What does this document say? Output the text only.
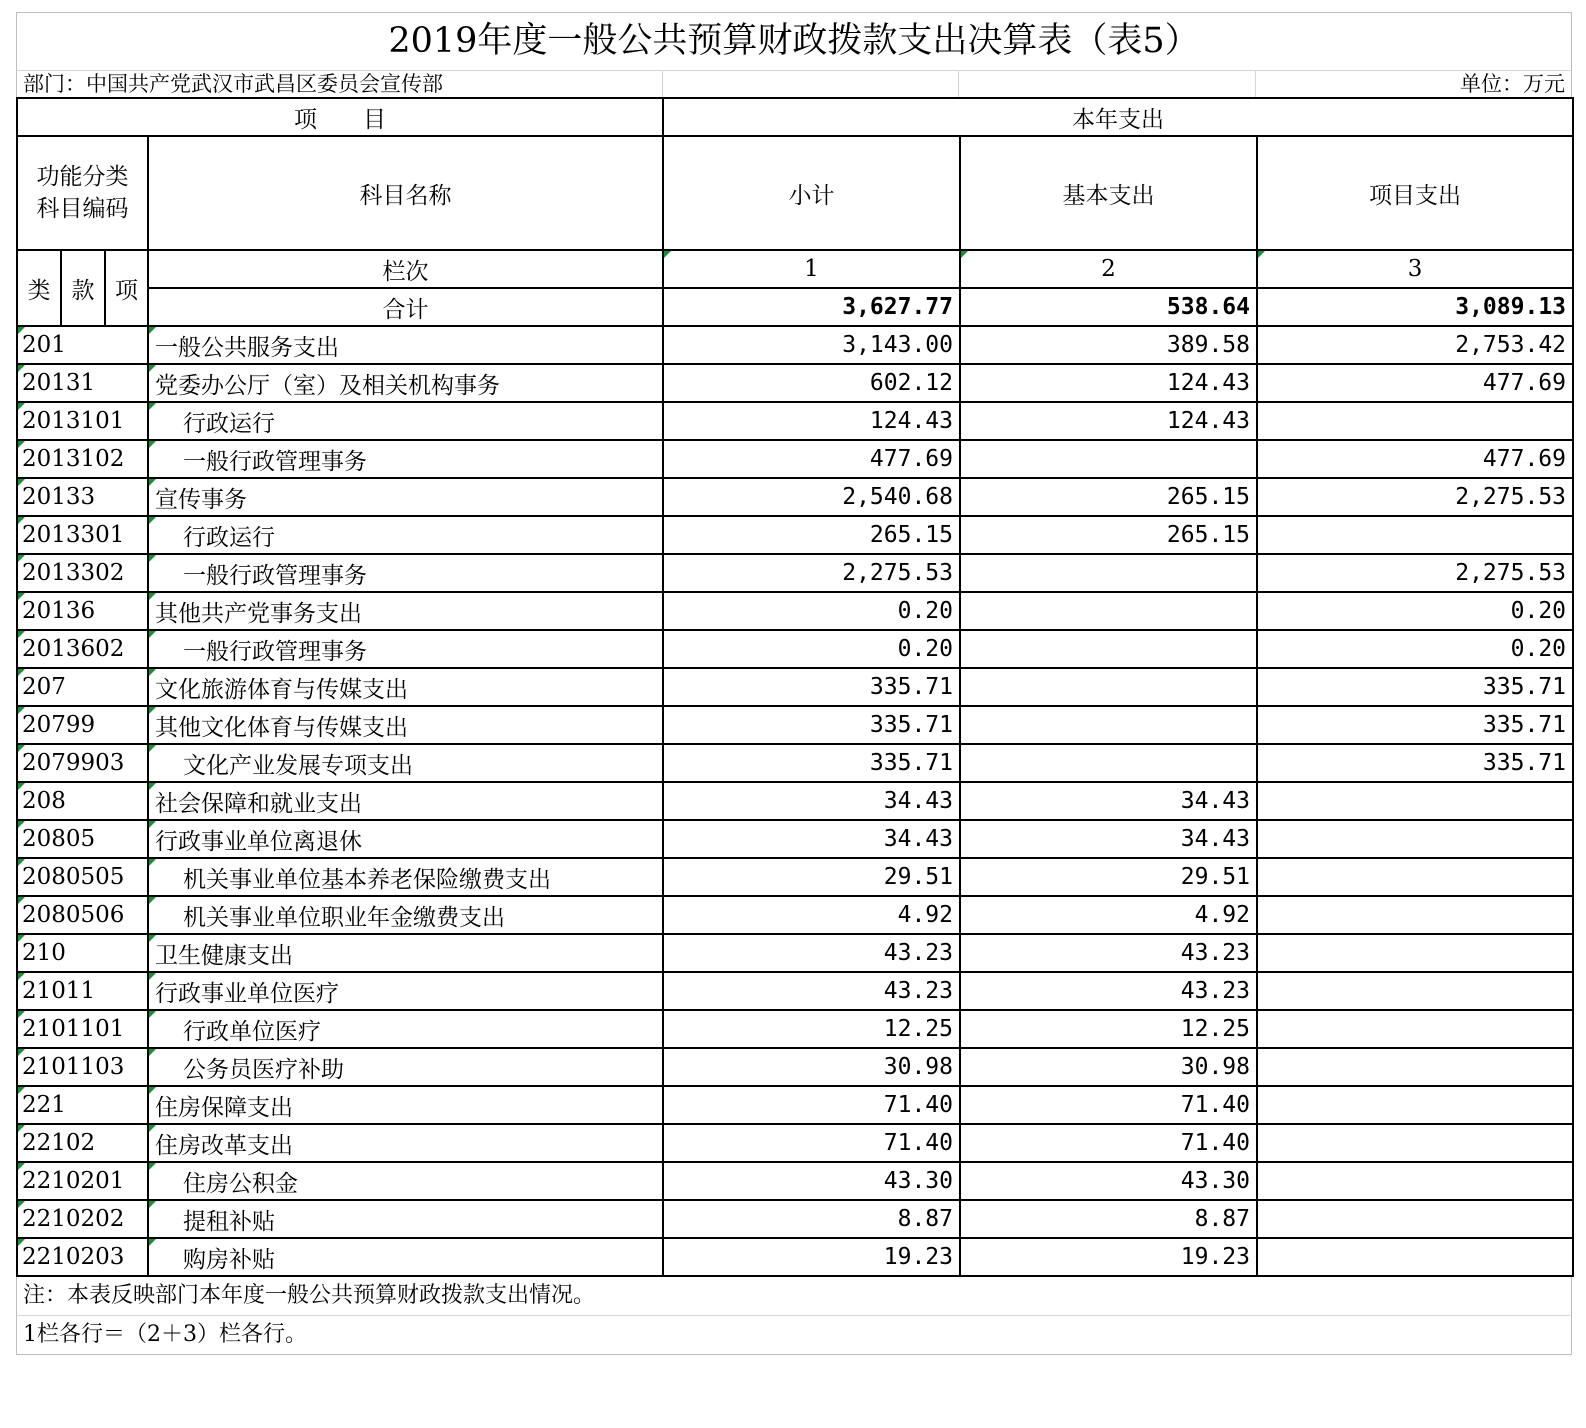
2019年度一般公共预算财政拨款支出决算表（表5）
部门：中国共产党武汉市武昌区委员会宣传部	单位：万元
项　　目				本年支出		

功能分类
科目编码			科目名称	小计	基本支出	项目支出
类	款	项	栏次	1	2	3
			合计	3,627.77	538.64	3,089.13
201			一般公共服务支出	3,143.00	389.58	2,753.42
20131			党委办公厅（室）及相关机构事务	602.12	124.43	477.69
2013101			行政运行	124.43	124.43	
2013102			一般行政管理事务	477.69		477.69
20133			宣传事务	2,540.68	265.15	2,275.53
2013301			行政运行	265.15	265.15	
2013302			一般行政管理事务	2,275.53		2,275.53
20136			其他共产党事务支出	0.20		0.20
2013602			一般行政管理事务	0.20		0.20
207			文化旅游体育与传媒支出	335.71		335.71
20799			其他文化体育与传媒支出	335.71		335.71
2079903			文化产业发展专项支出	335.71		335.71
208			社会保障和就业支出	34.43	34.43	
20805			行政事业单位离退休	34.43	34.43	
2080505			机关事业单位基本养老保险缴费支出	29.51	29.51	
2080506			机关事业单位职业年金缴费支出	4.92	4.92	
210			卫生健康支出	43.23	43.23	
21011			行政事业单位医疗	43.23	43.23	
2101101			行政单位医疗	12.25	12.25	
2101103			公务员医疗补助	30.98	30.98	
221			住房保障支出	71.40	71.40	
22102			住房改革支出	71.40	71.40	
2210201			住房公积金	43.30	43.30	
2210202			提租补贴	8.87	8.87	
2210203			购房补贴	19.23	19.23	
注：本表反映部门本年度一般公共预算财政拨款支出情况。
1栏各行＝（2＋3）栏各行。
